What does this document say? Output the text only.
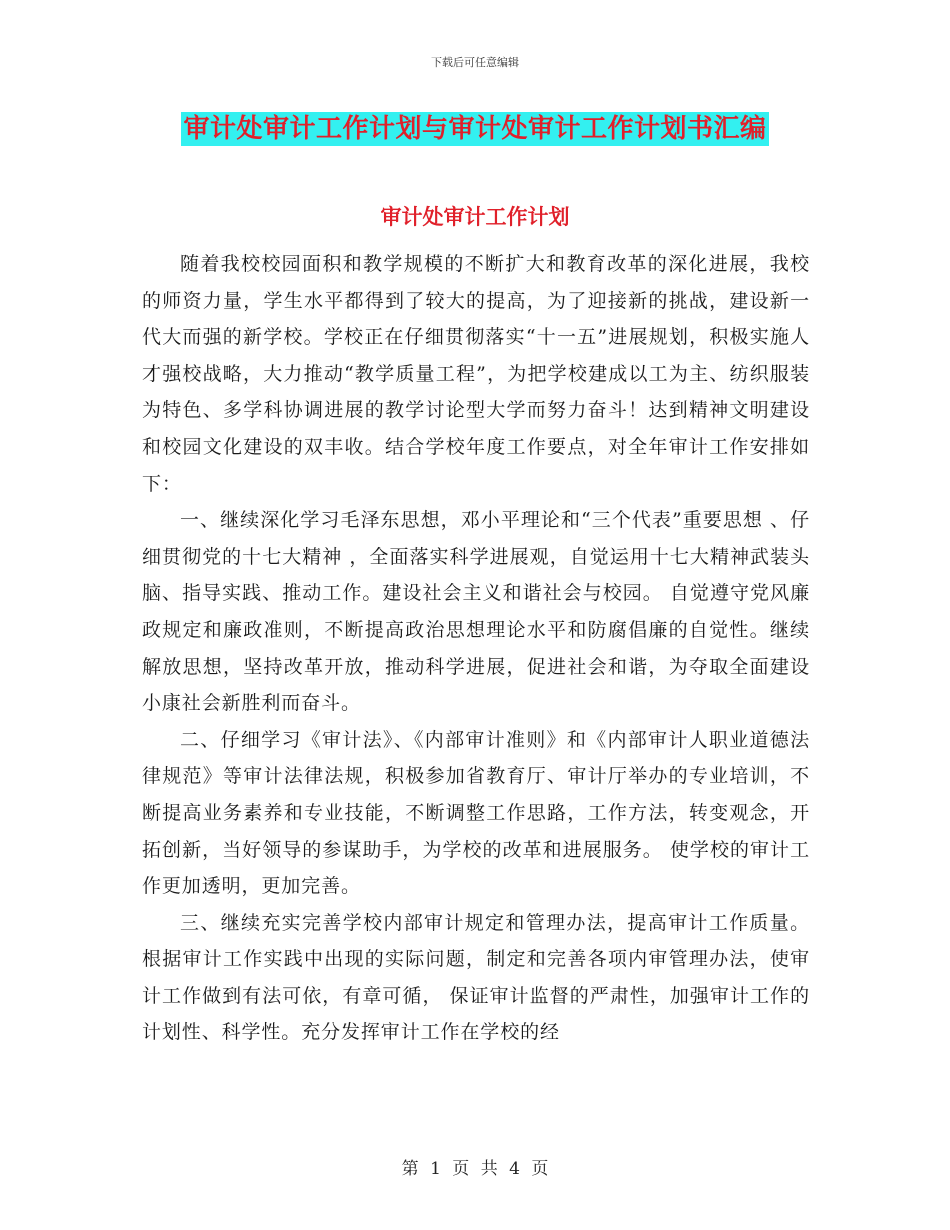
下载后可任意编辑
审计处审计工作计划与审计处审计工作计划书汇编
审计处审计工作计划

随着我校校园面积和教学规模的不断扩大和教育改革的深化进展，我校的师资力量，学生水平都得到了较大的提高，为了迎接新的挑战，建设新一代大而强的新学校。学校正在仔细贯彻落实“十一五”进展规划，积极实施人才强校战略，大力推动“教学质量工程”，为把学校建成以工为主、纺织服装为特色、多学科协调进展的教学讨论型大学而努力奋斗！达到精神文明建设和校园文化建设的双丰收。结合学校年度工作要点，对全年审计工作安排如下：

一、继续深化学习毛泽东思想，邓小平理论和“三个代表”重要思想 、仔细贯彻党的十七大精神 ，全面落实科学进展观，自觉运用十七大精神武装头脑、指导实践、推动工作。建设社会主义和谐社会与校园。 自觉遵守党风廉政规定和廉政准则，不断提高政治思想理论水平和防腐倡廉的自觉性。继续解放思想，坚持改革开放，推动科学进展，促进社会和谐，为夺取全面建设小康社会新胜利而奋斗。

二、仔细学习《审计法》、《内部审计准则》和《内部审计人职业道德法律规范》等审计法律法规，积极参加省教育厅、审计厅举办的专业培训，不断提高业务素养和专业技能，不断调整工作思路，工作方法，转变观念，开拓创新，当好领导的参谋助手，为学校的改革和进展服务。 使学校的审计工作更加透明，更加完善。

三、继续充实完善学校内部审计规定和管理办法，提高审计工作质量。根据审计工作实践中出现的实际问题，制定和完善各项内审管理办法，使审计工作做到有法可依，有章可循， 保证审计监督的严肃性，加强审计工作的计划性、科学性。充分发挥审计工作在学校的经

第 1 页 共 4 页
